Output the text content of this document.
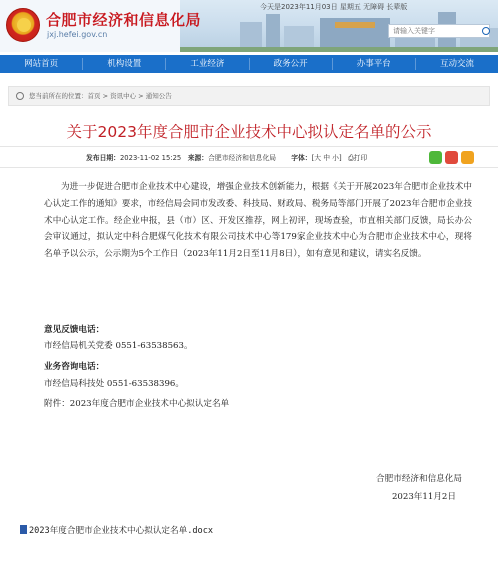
合肥市经济和信息化局
jxj.hefei.gov.cn
今天是2023年11月03日 星期五 无障碍 长辈版
请输入关键字
网站首页	机构设置	工业经济	政务公开	办事平台	互动交流
您当前所在的位置：首页 > 资讯中心 > 通知公告
关于2023年度合肥市企业技术中心拟认定名单的公示
发布日期：2023-11-02 15:25 来源：合肥市经济和信息化局 字体：[大 中 小] ⎙打印

为进一步促进合肥市企业技术中心建设，增强企业技术创新能力，根据《关于开展2023年合肥市企业技术中心认定工作的通知》要求，市经信局会同市发改委、科技局、财政局、税务局等部门开展了2023年合肥市企业技术中心认定工作。经企业申报，县（市）区、开发区推荐，网上初评，现场查验，市直相关部门反馈，局长办公会审议通过，拟认定中科合肥煤气化技术有限公司技术中心等179家企业技术中心为合肥市企业技术中心，现将名单予以公示，公示期为5个工作日（2023年11月2日至11月8日），如有意见和建议，请实名反馈。

意见反馈电话：
市经信局机关党委 0551-63538563。
业务咨询电话：
市经信局科技处 0551-63538396。
附件：2023年度合肥市企业技术中心拟认定名单
合肥市经济和信息化局
2023年11月2日
2023年度合肥市企业技术中心拟认定名单.docx
